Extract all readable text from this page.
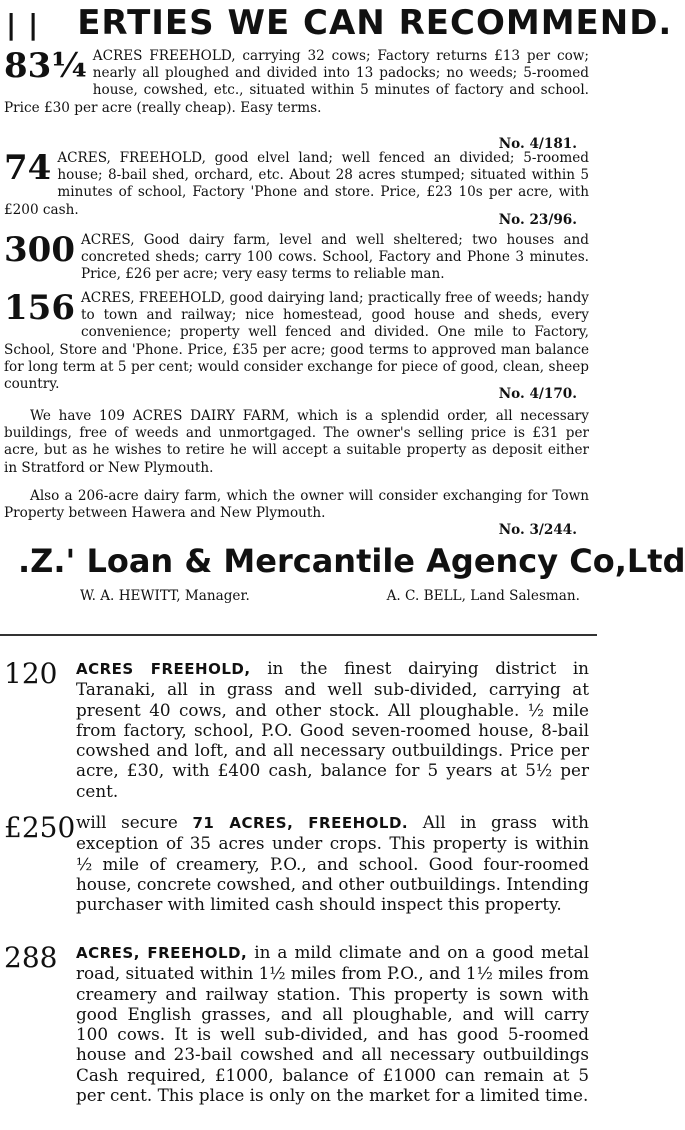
| | ERTIES WE CAN RECOMMEND.
83¼ ACRES FREEHOLD, carrying 32 cows; Factory returns £13 per cow; nearly all ploughed and divided into 13 padocks; no weeds; 5-roomed house, cowshed, etc., situated within 5 minutes of factory and school. Price £30 per acre (really cheap). Easy terms.
No. 4/181.
74 ACRES, FREEHOLD, good elvel land; well fenced an divided; 5-roomed house; 8-bail shed, orchard, etc. About 28 acres stumped; situated within 5 minutes of school, Factory 'Phone and store. Price, £23 10s per acre, with £200 cash.
No. 23/96.
300 ACRES, Good dairy farm, level and well sheltered; two houses and concreted sheds; carry 100 cows. School, Factory and Phone 3 minutes. Price, £26 per acre; very easy terms to reliable man.
156 ACRES, FREEHOLD, good dairying land; practically free of weeds; handy to town and railway; nice homestead, good house and sheds, every convenience; property well fenced and divided. One mile to Factory, School, Store and 'Phone. Price, £35 per acre; good terms to approved man balance for long term at 5 per cent; would consider exchange for piece of good, clean, sheep country.
No. 4/170.
We have 109 ACRES DAIRY FARM, which is a splendid order, all necessary buildings, free of weeds and unmortgaged. The owner's selling price is £31 per acre, but as he wishes to retire he will accept a suitable property as deposit either in Stratford or New Plymouth.
Also a 206-acre dairy farm, which the owner will consider exchanging for Town Property between Hawera and New Plymouth.
No. 3/244.
.Z.' Loan & Mercantile Agency Co, Ltd
W. A. HEWITT, Manager.	A. C. BELL, Land Salesman.
120	ACRES FREEHOLD, in the finest dairying district in Taranaki, all in grass and well sub-divided, carrying at present 40 cows, and other stock. All ploughable. ½ mile from factory, school, P.O. Good seven-roomed house, 8-bail cowshed and loft, and all necessary outbuildings. Price per acre, £30, with £400 cash, balance for 5 years at 5½ per cent.
£250 will secure 71 ACRES, FREEHOLD. All in grass with exception of 35 acres under crops. This property is within ½ mile of creamery, P.O., and school. Good four-roomed house, concrete cowshed, and other outbuildings. Intending purchaser with limited cash should inspect this property.
288	ACRES, FREEHOLD, in a mild climate and on a good metal road, situated within 1½ miles from P.O., and 1½ miles from creamery and railway station. This property is sown with good English grasses, and all ploughable, and will carry 100 cows. It is well sub-divided, and has good 5-roomed house and 23-bail cowshed and all necessary outbuildings Cash required, £1000, balance of £1000 can remain at 5 per cent. This place is only on the market for a limited time.
